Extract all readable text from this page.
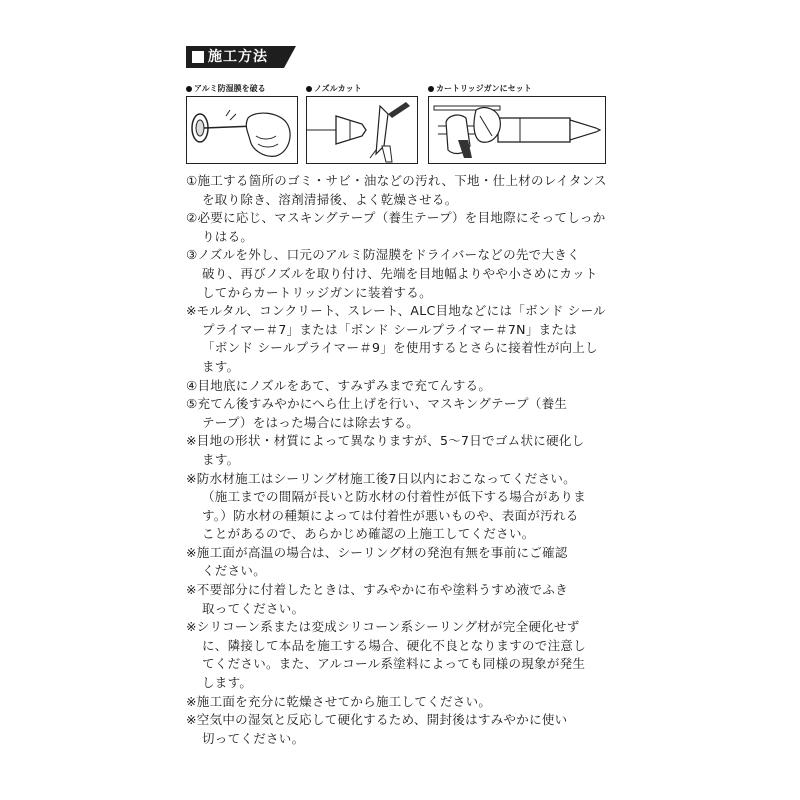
施工方法
アルミ防湿膜を破る	ノズルカット	カートリッジガンにセット
①施工する箇所のゴミ・サビ・油などの汚れ、下地・仕上材のレイタンス
を取り除き、溶剤清掃後、よく乾燥させる。
②必要に応じ、マスキングテープ（養生テープ）を目地際にそってしっか
りはる。
③ノズルを外し、口元のアルミ防湿膜をドライバーなどの先で大きく
破り、再びノズルを取り付け、先端を目地幅よりやや小さめにカット
してからカートリッジガンに装着する。
※モルタル、コンクリート、スレート、ALC目地などには「ボンド シール
プライマー＃7」または「ボンド シールプライマー＃7N」または
「ボンド シールプライマー＃9」を使用するとさらに接着性が向上し
ます。
④目地底にノズルをあて、すみずみまで充てんする。
⑤充てん後すみやかにへら仕上げを行い、マスキングテープ（養生
テープ）をはった場合には除去する。
※目地の形状・材質によって異なりますが、5〜7日でゴム状に硬化し
ます。
※防水材施工はシーリング材施工後7日以内におこなってください。
（施工までの間隔が長いと防水材の付着性が低下する場合がありま
す。）防水材の種類によっては付着性が悪いものや、表面が汚れる
ことがあるので、あらかじめ確認の上施工してください。
※施工面が高温の場合は、シーリング材の発泡有無を事前にご確認
ください。
※不要部分に付着したときは、すみやかに布や塗料うすめ液でふき
取ってください。
※シリコーン系または変成シリコーン系シーリング材が完全硬化せず
に、隣接して本品を施工する場合、硬化不良となりますので注意し
てください。また、アルコール系塗料によっても同様の現象が発生
します。
※施工面を充分に乾燥させてから施工してください。
※空気中の湿気と反応して硬化するため、開封後はすみやかに使い
切ってください。
